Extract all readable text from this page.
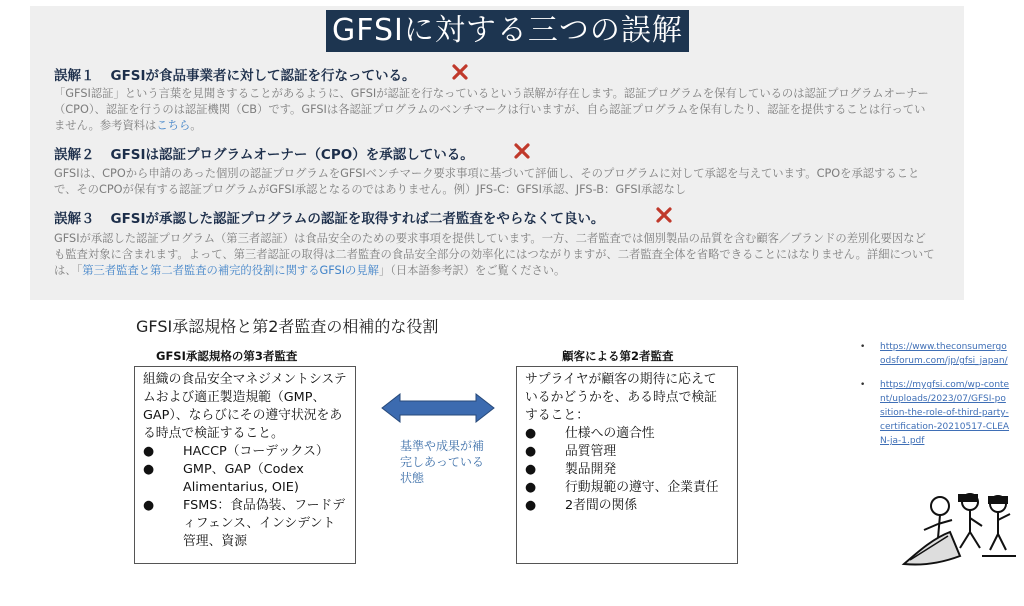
GFSIに対する三つの誤解
誤解１ GFSIが食品事業者に対して認証を行なっている。
「GFSI認証」という言葉を見聞きすることがあるように、GFSIが認証を行なっているという誤解が存在します。認証プログラムを保有しているのは認証プログラムオーナー（CPO）、認証を行うのは認証機関（CB）です。GFSIは各認証プログラムのベンチマークは行いますが、自ら認証プログラムを保有したり、認証を提供することは行っていません。参考資料はこちら。
誤解２ GFSIは認証プログラムオーナー（CPO）を承認している。
GFSIは、CPOから申請のあった個別の認証プログラムをGFSIベンチマーク要求事項に基づいて評価し、そのプログラムに対して承認を与えています。CPOを承認することで、そのCPOが保有する認証プログラムがGFSI承認となるのではありません。例）JFS-C：GFSI承認、JFS-B：GFSI承認なし
誤解３ GFSIが承認した認証プログラムの認証を取得すれば二者監査をやらなくて良い。
GFSIが承認した認証プログラム（第三者認証）は食品安全のための要求事項を提供しています。一方、二者監査では個別製品の品質を含む顧客／ブランドの差別化要因なども監査対象に含まれます。よって、第三者認証の取得は二者監査の食品安全部分の効率化にはつながりますが、二者監査全体を省略できることにはなりません。詳細については、「第三者監査と第二者監査の補完的役割に関するGFSIの見解」（日本語参考訳）をご覧ください。
GFSI承認規格と第2者監査の相補的な役割
GFSI承認規格の第3者監査
組織の食品安全マネジメントシステムおよび適正製造規範（GMP、GAP）、ならびにその遵守状況をある時点で検証すること。
●	HACCP（コーデックス）
●	GMP、GAP（Codex Alimentarius, OIE)
●	FSMS：食品偽装、フードディフェンス、インシデント管理、資源
顧客による第2者監査
サプライヤが顧客の期待に応えているかどうかを、ある時点で検証すること：
●	仕様への適合性
●	品質管理
●	製品開発
●	行動規範の遵守、企業責任
●	2者間の関係
基準や成果が補完しあっている状態
•	https://www.theconsumergoodsforum.com/jp/gfsi_japan/
•	https://mygfsi.com/wp-content/uploads/2023/07/GFSI-position-the-role-of-third-party-certification-20210517-CLEAN-ja-1.pdf
